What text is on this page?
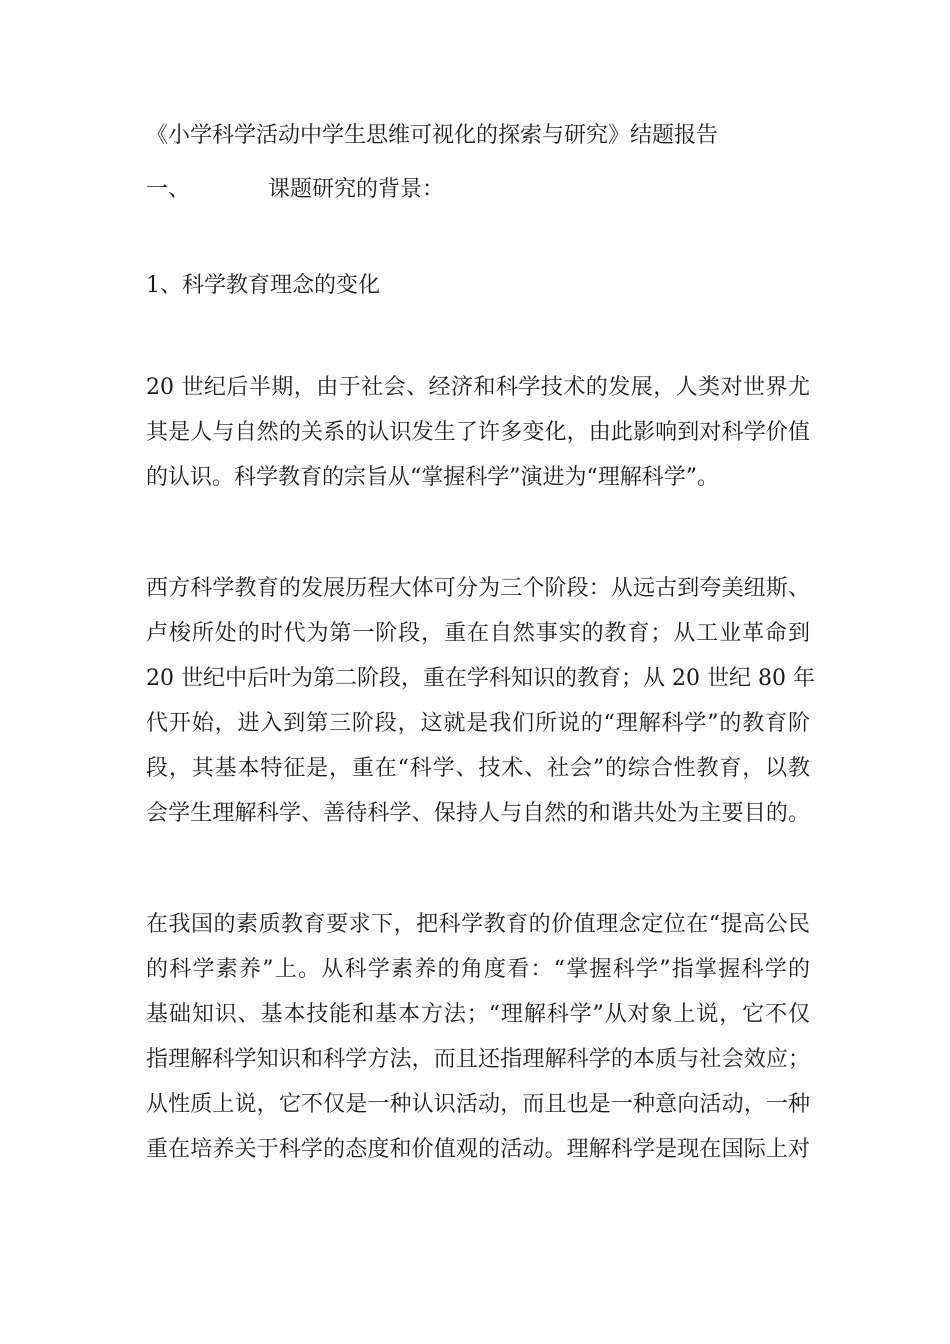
《小学科学活动中学生思维可视化的探索与研究》结题报告
一、	课题研究的背景：
1、科学教育理念的变化
20 世纪后半期，由于社会、经济和科学技术的发展，人类对世界尤
其是人与自然的关系的认识发生了许多变化，由此影响到对科学价值
的认识。科学教育的宗旨从“掌握科学”演进为“理解科学”。
西方科学教育的发展历程大体可分为三个阶段：从远古到夸美纽斯、
卢梭所处的时代为第一阶段，重在自然事实的教育；从工业革命到
20 世纪中后叶为第二阶段，重在学科知识的教育；从 20 世纪 80 年
代开始，进入到第三阶段，这就是我们所说的“理解科学”的教育阶
段，其基本特征是，重在“科学、技术、社会”的综合性教育，以教
会学生理解科学、善待科学、保持人与自然的和谐共处为主要目的。
在我国的素质教育要求下，把科学教育的价值理念定位在“提高公民
的科学素养”上。从科学素养的角度看：“掌握科学”指掌握科学的
基础知识、基本技能和基本方法；“理解科学”从对象上说，它不仅
指理解科学知识和科学方法，而且还指理解科学的本质与社会效应；
从性质上说，它不仅是一种认识活动，而且也是一种意向活动，一种
重在培养关于科学的态度和价值观的活动。理解科学是现在国际上对
